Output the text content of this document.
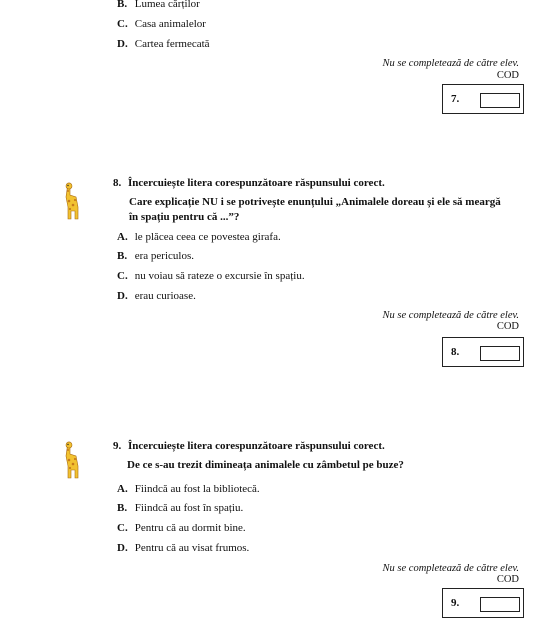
B. Lumea cărților
C. Casa animalelor
D. Cartea fermecată
Nu se completează de către elev.
COD
7.
8. Încercuiește litera corespunzătoare răspunsului corect.
Care explicație NU i se potrivește enunțului „Animalele doreau și ele să meargă
în spațiu pentru că ...”?
A. le plăcea ceea ce povestea girafa.
B. era periculos.
C. nu voiau să rateze o excursie în spațiu.
D. erau curioase.
Nu se completează de către elev.
COD
8.
9. Încercuiește litera corespunzătoare răspunsului corect.
De ce s-au trezit dimineața animalele cu zâmbetul pe buze?
A. Fiindcă au fost la bibliotecă.
B. Fiindcă au fost în spațiu.
C. Pentru că au dormit bine.
D. Pentru că au visat frumos.
Nu se completează de către elev.
COD
9.
